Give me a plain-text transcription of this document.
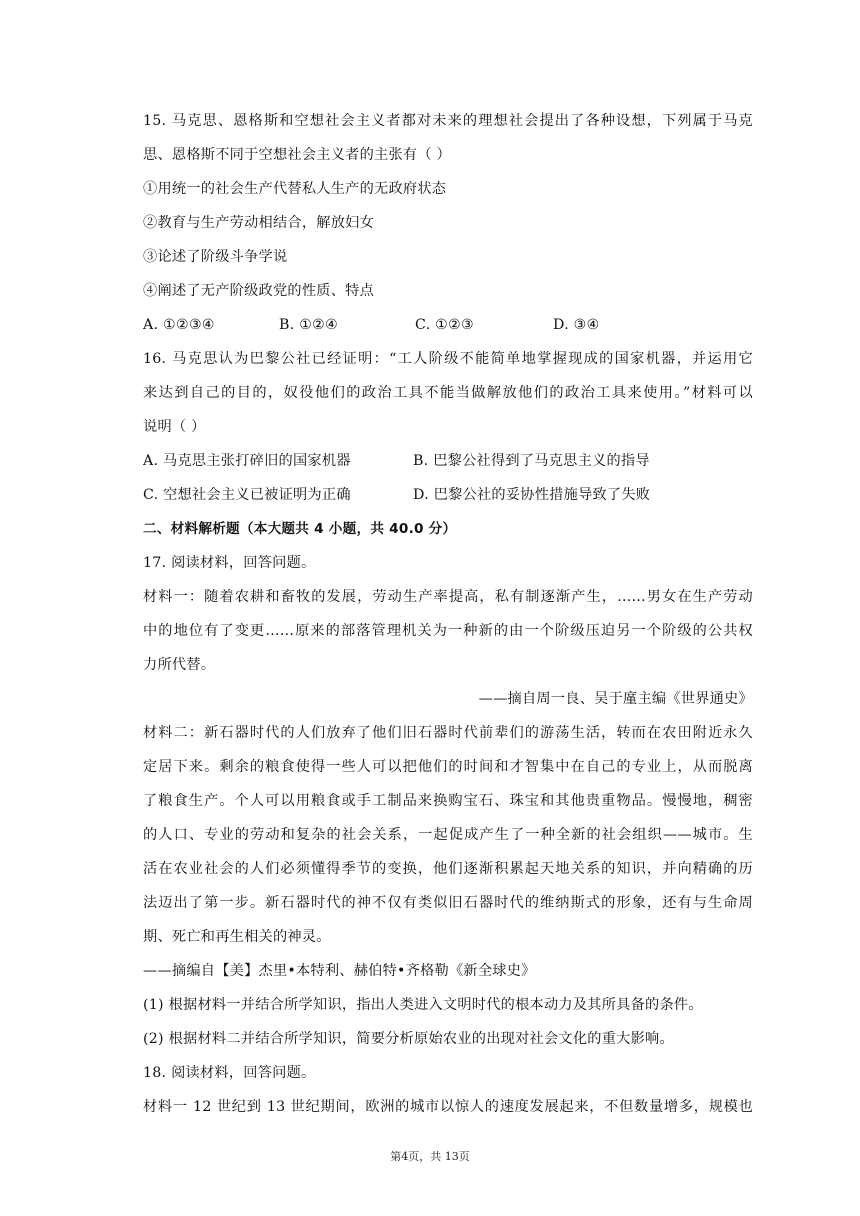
15. 马克思、恩格斯和空想社会主义者都对未来的理想社会提出了各种设想，下列属于马克
思、恩格斯不同于空想社会主义者的主张有（ ）
①用统一的社会生产代替私人生产的无政府状态
②教育与生产劳动相结合，解放妇女
③论述了阶级斗争学说
④阐述了无产阶级政党的性质、特点
A. ①②③④	B. ①②④	C. ①②③	D. ③④
16. 马克思认为巴黎公社已经证明：“工人阶级不能简单地掌握现成的国家机器，并运用它
来达到自己的目的，奴役他们的政治工具不能当做解放他们的政治工具来使用。”材料可以
说明（ ）
A. 马克思主张打碎旧的国家机器	B. 巴黎公社得到了马克思主义的指导
C. 空想社会主义已被证明为正确	D. 巴黎公社的妥协性措施导致了失败
二、材料解析题（本大题共 4 小题，共 40.0 分）
17. 阅读材料，回答问题。
材料一：随着农耕和畜牧的发展，劳动生产率提高，私有制逐渐产生，……男女在生产劳动
中的地位有了变更……原来的部落管理机关为一种新的由一个阶级压迫另一个阶级的公共权
力所代替。
——摘自周一良、吴于廑主编《世界通史》
材料二：新石器时代的人们放弃了他们旧石器时代前辈们的游荡生活，转而在农田附近永久
定居下来。剩余的粮食使得一些人可以把他们的时间和才智集中在自己的专业上，从而脱离
了粮食生产。个人可以用粮食或手工制品来换购宝石、珠宝和其他贵重物品。慢慢地，稠密
的人口、专业的劳动和复杂的社会关系，一起促成产生了一种全新的社会组织——城市。生
活在农业社会的人们必须懂得季节的变换，他们逐渐积累起天地关系的知识，并向精确的历
法迈出了第一步。新石器时代的神不仅有类似旧石器时代的维纳斯式的形象，还有与生命周
期、死亡和再生相关的神灵。
——摘编自【美】杰里•本特利、赫伯特•齐格勒《新全球史》
(1) 根据材料一并结合所学知识，指出人类进入文明时代的根本动力及其所具备的条件。
(2) 根据材料二并结合所学知识，简要分析原始农业的出现对社会文化的重大影响。
18. 阅读材料，回答问题。
材料一 12 世纪到 13 世纪期间，欧洲的城市以惊人的速度发展起来，不但数量增多，规模也
第4页，共 13页
